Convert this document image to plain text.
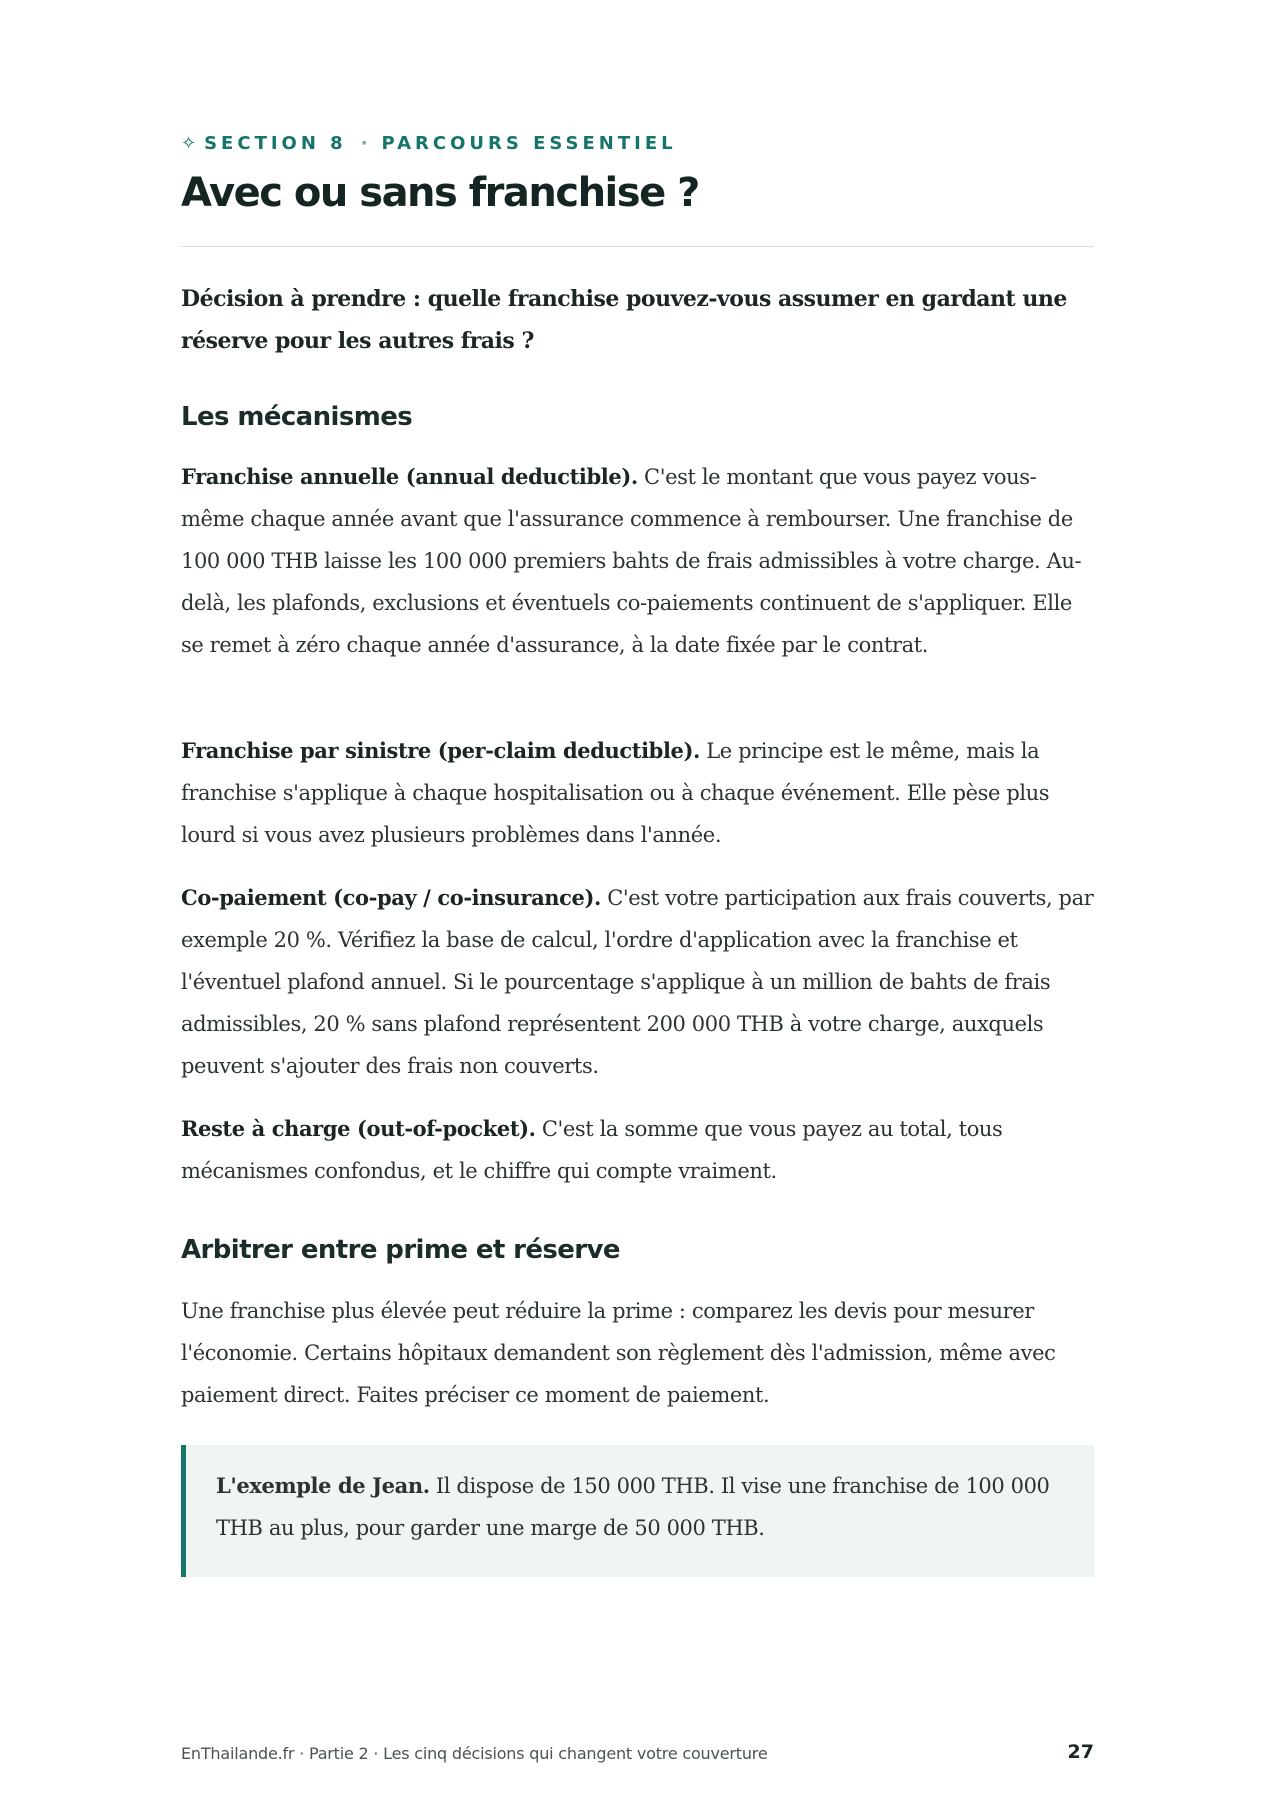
✧ SECTION 8 · PARCOURS ESSENTIEL
Avec ou sans franchise ?

Décision à prendre : quelle franchise pouvez-vous assumer en gardant une réserve pour les autres frais ?

Les mécanismes

Franchise annuelle (annual deductible). C'est le montant que vous payez vous-même chaque année avant que l'assurance commence à rembourser. Une franchise de 100 000 THB laisse les 100 000 premiers bahts de frais admissibles à votre charge. Au-delà, les plafonds, exclusions et éventuels co-paiements continuent de s'appliquer. Elle se remet à zéro chaque année d'assurance, à la date fixée par le contrat.

Franchise par sinistre (per-claim deductible). Le principe est le même, mais la franchise s'applique à chaque hospitalisation ou à chaque événement. Elle pèse plus lourd si vous avez plusieurs problèmes dans l'année.

Co-paiement (co-pay / co-insurance). C'est votre participation aux frais couverts, par exemple 20 %. Vérifiez la base de calcul, l'ordre d'application avec la franchise et l'éventuel plafond annuel. Si le pourcentage s'applique à un million de bahts de frais admissibles, 20 % sans plafond représentent 200 000 THB à votre charge, auxquels peuvent s'ajouter des frais non couverts.

Reste à charge (out-of-pocket). C'est la somme que vous payez au total, tous mécanismes confondus, et le chiffre qui compte vraiment.

Arbitrer entre prime et réserve

Une franchise plus élevée peut réduire la prime : comparez les devis pour mesurer l'économie. Certains hôpitaux demandent son règlement dès l'admission, même avec paiement direct. Faites préciser ce moment de paiement.

L'exemple de Jean. Il dispose de 150 000 THB. Il vise une franchise de 100 000 THB au plus, pour garder une marge de 50 000 THB.

EnThailande.fr · Partie 2 · Les cinq décisions qui changent votre couverture	27
